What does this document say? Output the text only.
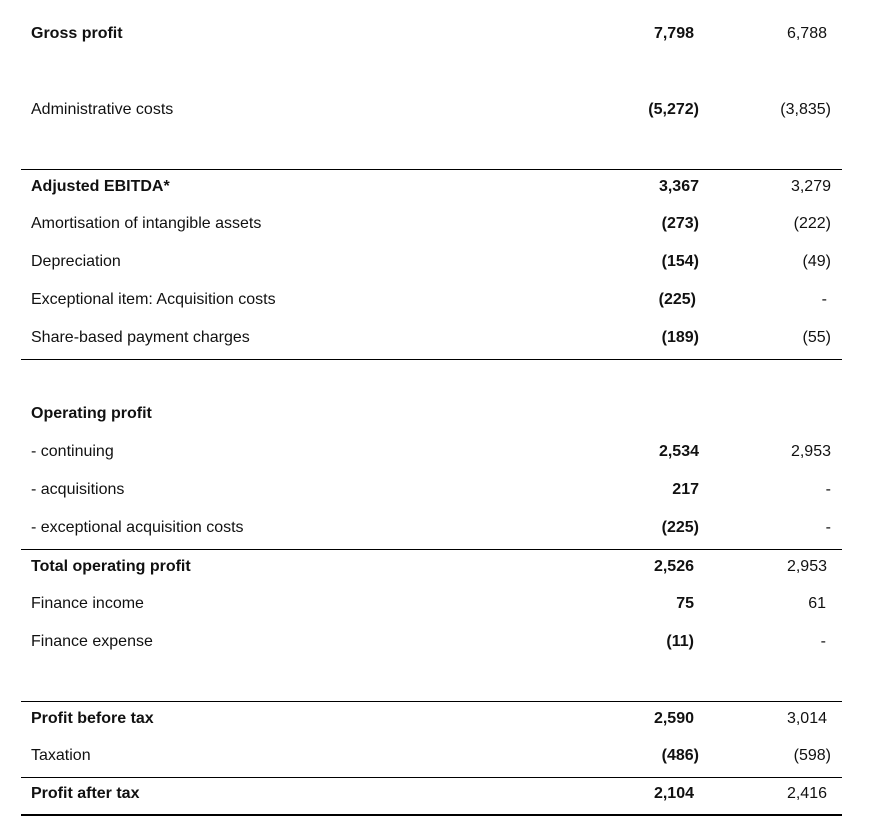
Gross profit	7,798	6,788
Administrative costs	(5,272)	(3,835)
Adjusted EBITDA*	3,367	3,279
Amortisation of intangible assets	(273)	(222)
Depreciation	(154)	(49)
Exceptional item: Acquisition costs	(225)	-
Share-based payment charges	(189)	(55)
Operating profit
- continuing	2,534	2,953
- acquisitions	217	-
- exceptional acquisition costs	(225)	-
Total operating profit	2,526	2,953
Finance income	75	61
Finance expense	(11)	-
Profit before tax	2,590	3,014
Taxation	(486)	(598)
Profit after tax	2,104	2,416
